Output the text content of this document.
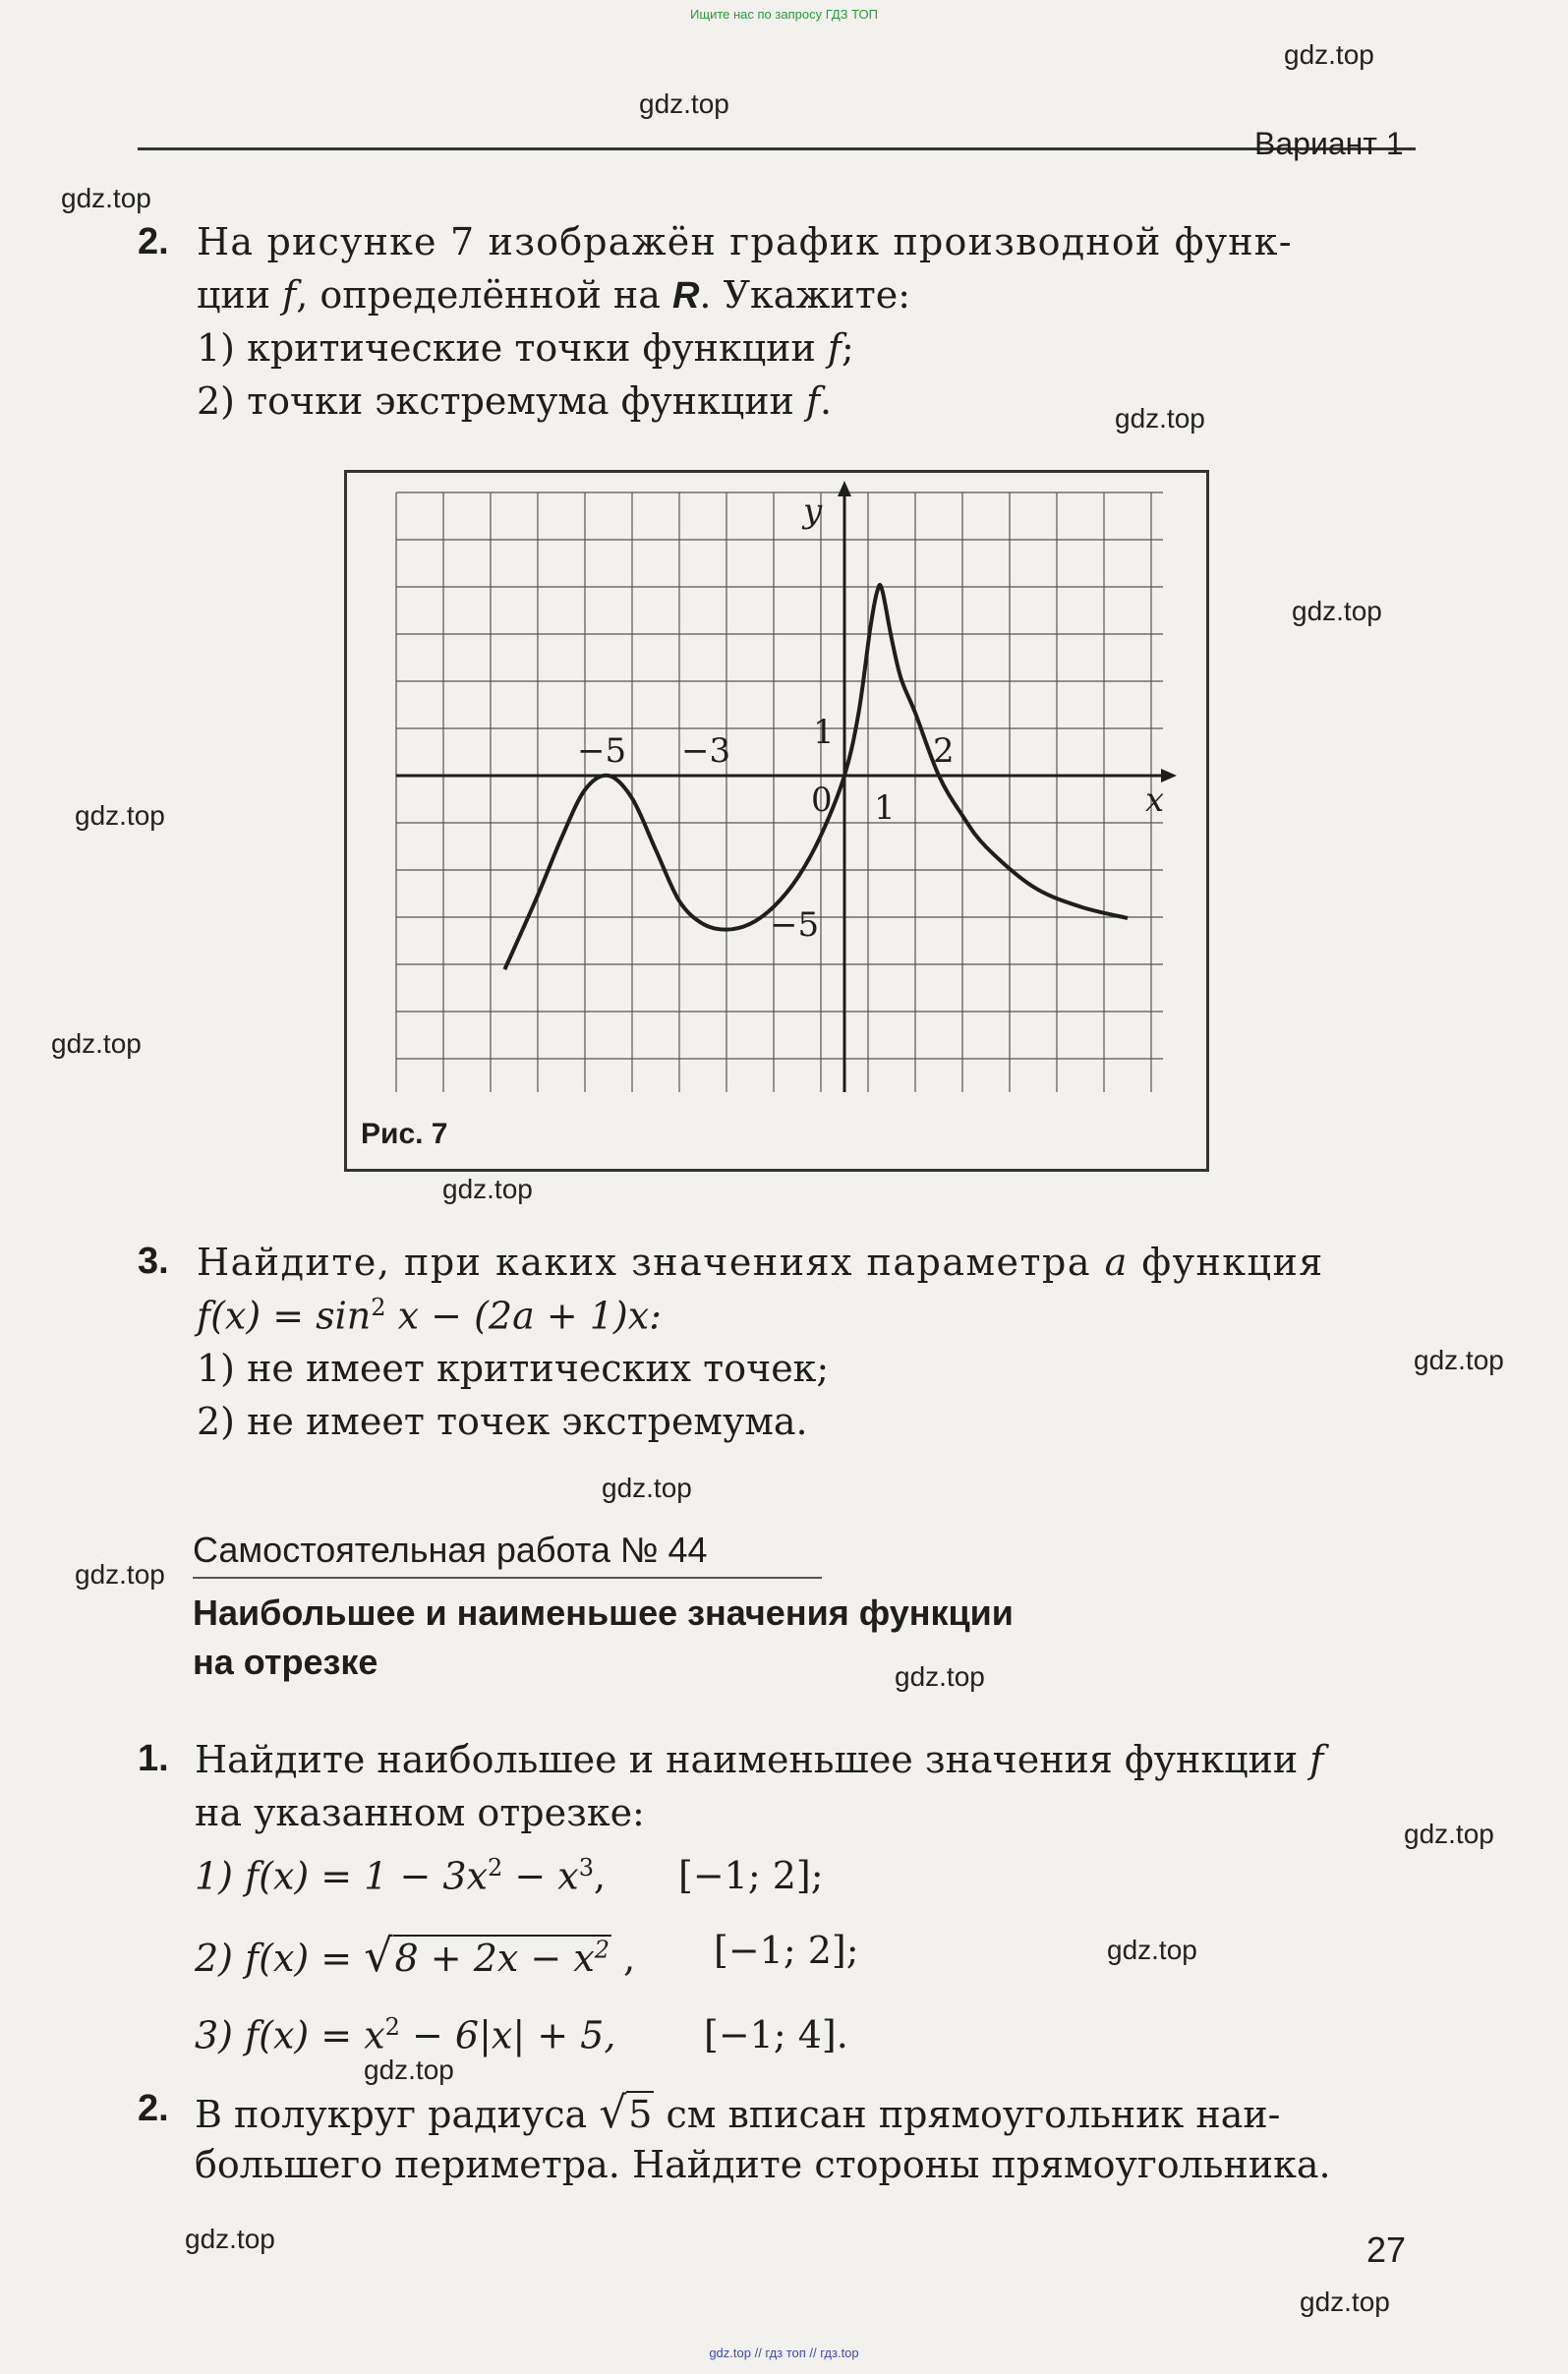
Ищите нас по запросу ГДЗ ТОП
gdz.top
gdz.top
gdz.top
gdz.top
gdz.top
gdz.top
gdz.top
gdz.top
gdz.top
gdz.top
gdz.top
gdz.top
gdz.top
gdz.top
gdz.top
gdz.top
gdz.top
Вариант 1
2. На рисунке 7 изображён график производной функ-
ции f, определённой на R. Укажите:
1) критические точки функции f;
2) точки экстремума функции f.
x
y
−5 −3 1
0 1
2
−5
Рис. 7
3. Найдите, при каких значениях параметра a функция
$f(x) = \sin^2 x - (2a + 1)x$:
1) не имеет критических точек;
2) не имеет точек экстремума.
Самостоятельная работа № 44
Наибольшее и наименьшее значения функции
на отрезке
1. Найдите наибольшее и наименьшее значения функции f
на указанном отрезке:
1) $f(x) = 1 - 3x^2 - x^3$, [−1; 2];
2) $f(x) = √8 + 2x - x^2$ , [−1; 2];
3) $f(x) = x^2 - 6|x| + 5$, [−1; 4].
2. В полукруг радиуса √5 см вписан прямоугольник наи-
большего периметра. Найдите стороны прямоугольника.
27
gdz.top // гдз топ // гдз.top
